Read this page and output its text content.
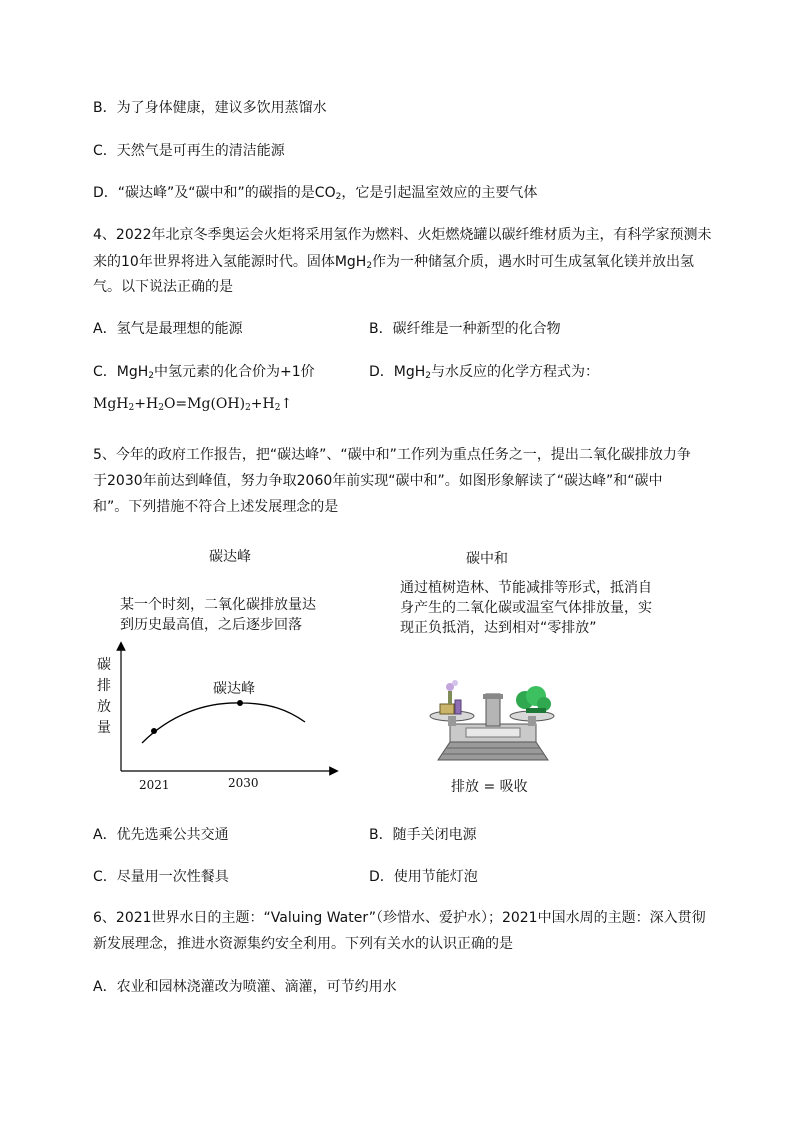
B．为了身体健康，建议多饮用蒸馏水
C．天然气是可再生的清洁能源
D．“碳达峰”及“碳中和”的碳指的是$CO_2$，它是引起温室效应的主要气体
4、2022年北京冬季奥运会火炬将采用氢作为燃料、火炬燃烧罐以碳纤维材质为主，有科学家预测未
来的10年世界将进入氢能源时代。固体MgH$_2$作为一种储氢介质，遇水时可生成氢氧化镁并放出氢
气。以下说法正确的是
A．氢气是最理想的能源	B．碳纤维是一种新型的化合物
C．MgH$_2$中氢元素的化合价为+1价	D．MgH$_2$与水反应的化学方程式为：
$MgH_2+H_2O=Mg(OH)_2+H_2↑$
5、今年的政府工作报告，把“碳达峰”、“碳中和”工作列为重点任务之一，提出二氧化碳排放力争
于2030年前达到峰值，努力争取2060年前实现“碳中和”。如图形象解读了“碳达峰”和“碳中
和”。下列措施不符合上述发展理念的是
碳达峰
某一个时刻，二氧化碳排放量达
到历史最高值，之后逐步回落
碳排放量
碳达峰
2021	2030
碳中和
通过植树造林、节能减排等形式，抵消自
身产生的二氧化碳或温室气体排放量，实
现正负抵消，达到相对“零排放”
排放 = 吸收
A．优先选乘公共交通	B．随手关闭电源
C．尽量用一次性餐具	D．使用节能灯泡
6、2021世界水日的主题：“Valuing Water”（珍惜水、爱护水）；2021中国水周的主题：深入贯彻
新发展理念，推进水资源集约安全利用。下列有关水的认识正确的是
A．农业和园林浇灌改为喷灌、滴灌，可节约用水
